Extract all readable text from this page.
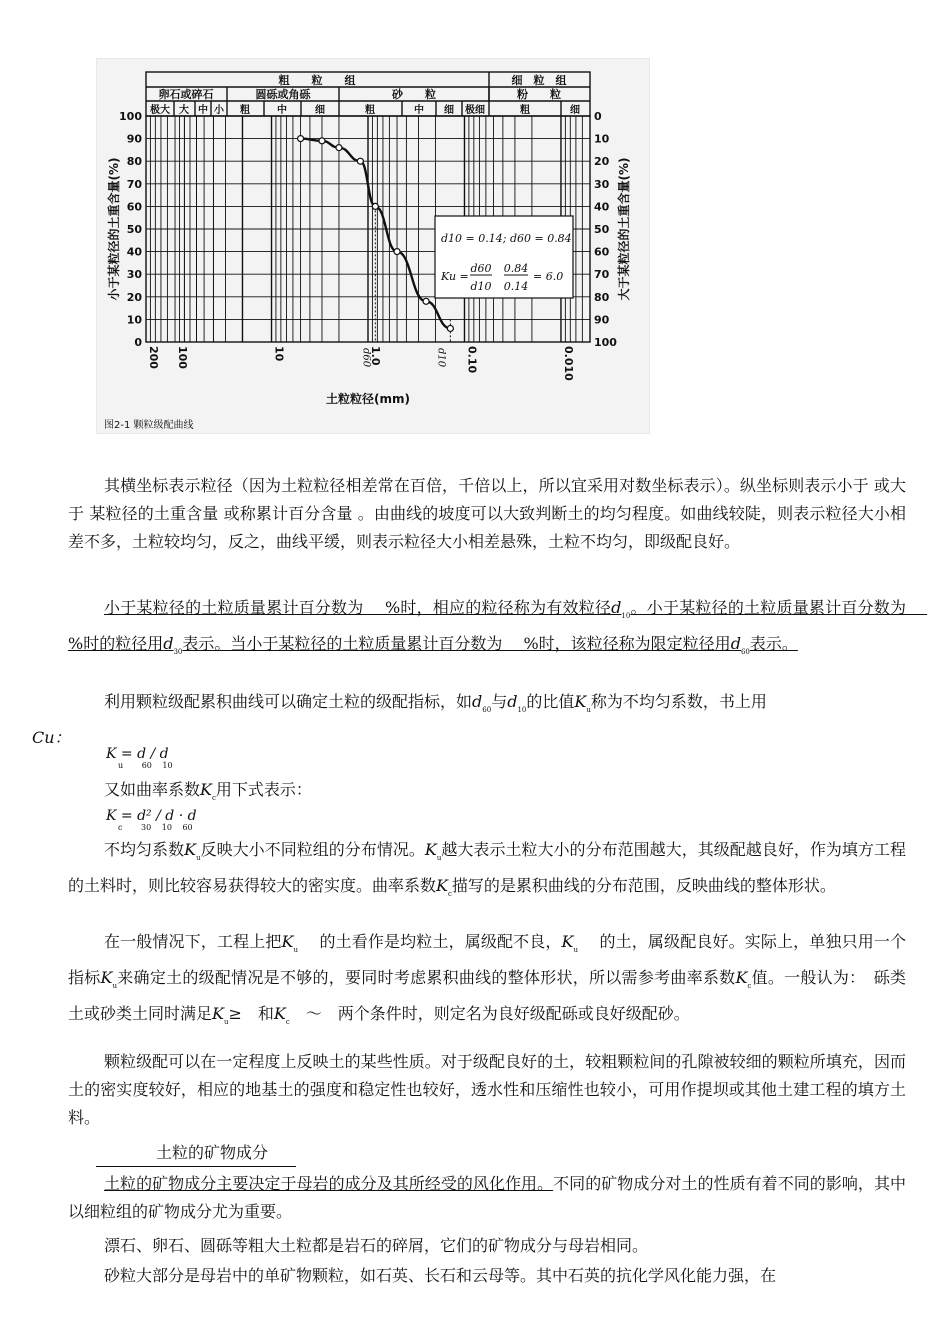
粗　　粒　　组	细　粒　组
卵石或碎石	圆砾或角砾	砂　　粒	粉　　粒
极大 大 中 小 粗	中	细	粗	中 细 极细	粗	细
100
90
80
70
60
50
40
30
20
10
0
0
10
20
30
40
50
60
70
80
90
100
200 100	10	1.0	0.10	0.010
d60	d10
d10 = 0.14; d60 = 0.84
Ku =
d60
d10
0.84
0.14
= 6.0
小于某粒径的土重含量(%)	大于某粒径的土重含量(%)
土粒粒径(mm)
图2-1 颗粒级配曲线
其横坐标表示粒径（因为土粒粒径相差常在百倍，千倍以上，所以宜采用对数坐标表示）。纵坐标则表示小于 或大于 某粒径的土重含量 或称累计百分含量 。由曲线的坡度可以大致判断土的均匀程度。如曲线较陡，则表示粒径大小相差不多，土粒较均匀，反之，曲线平缓，则表示粒径大小相差悬殊，土粒不均匀，即级配良好。
小于某粒径的土粒质量累计百分数为　 %时，相应的粒径称为有效粒径$d_{10}$。小于某粒径的土粒质量累计百分数为　 %时的粒径用$d_{30}$表示。当小于某粒径的土粒质量累计百分数为　 %时，该粒径称为限定粒径用$d_{60}$表示。
利用颗粒级配累积曲线可以确定土粒的级配指标，如$d_{60}$与$d_{10}$的比值$K_u$称为不均匀系数，书上用
Cu：
K = d / d
u　　 60　 10
又如曲率系数$K_c$用下式表示：
K = d² / d · d
c　　 30　 10　 60
不均匀系数$K_u$反映大小不同粒组的分布情况。$K_u$越大表示土粒大小的分布范围越大，其级配越良好，作为填方工程的土料时，则比较容易获得较大的密实度。曲率系数$K_c$描写的是累积曲线的分布范围，反映曲线的整体形状。
在一般情况下，工程上把$K_u$　 的土看作是均粒土，属级配不良，$K_u$　 的土，属级配良好。实际上，单独只用一个指标$K_u$来确定土的级配情况是不够的，要同时考虑累积曲线的整体形状，所以需参考曲率系数$K_c$值。一般认为：　砾类土或砂类土同时满足$K_u\ge$　和$K_c$　～　两个条件时，则定名为良好级配砾或良好级配砂。
颗粒级配可以在一定程度上反映土的某些性质。对于级配良好的土，较粗颗粒间的孔隙被较细的颗粒所填充，因而土的密实度较好，相应的地基土的强度和稳定性也较好，透水性和压缩性也较小，可用作提坝或其他土建工程的填方土料。
土粒的矿物成分
土粒的矿物成分主要决定于母岩的成分及其所经受的风化作用。不同的矿物成分对土的性质有着不同的影响，其中以细粒组的矿物成分尤为重要。
漂石、卵石、圆砾等粗大土粒都是岩石的碎屑，它们的矿物成分与母岩相同。
砂粒大部分是母岩中的单矿物颗粒，如石英、长石和云母等。其中石英的抗化学风化能力强，在
